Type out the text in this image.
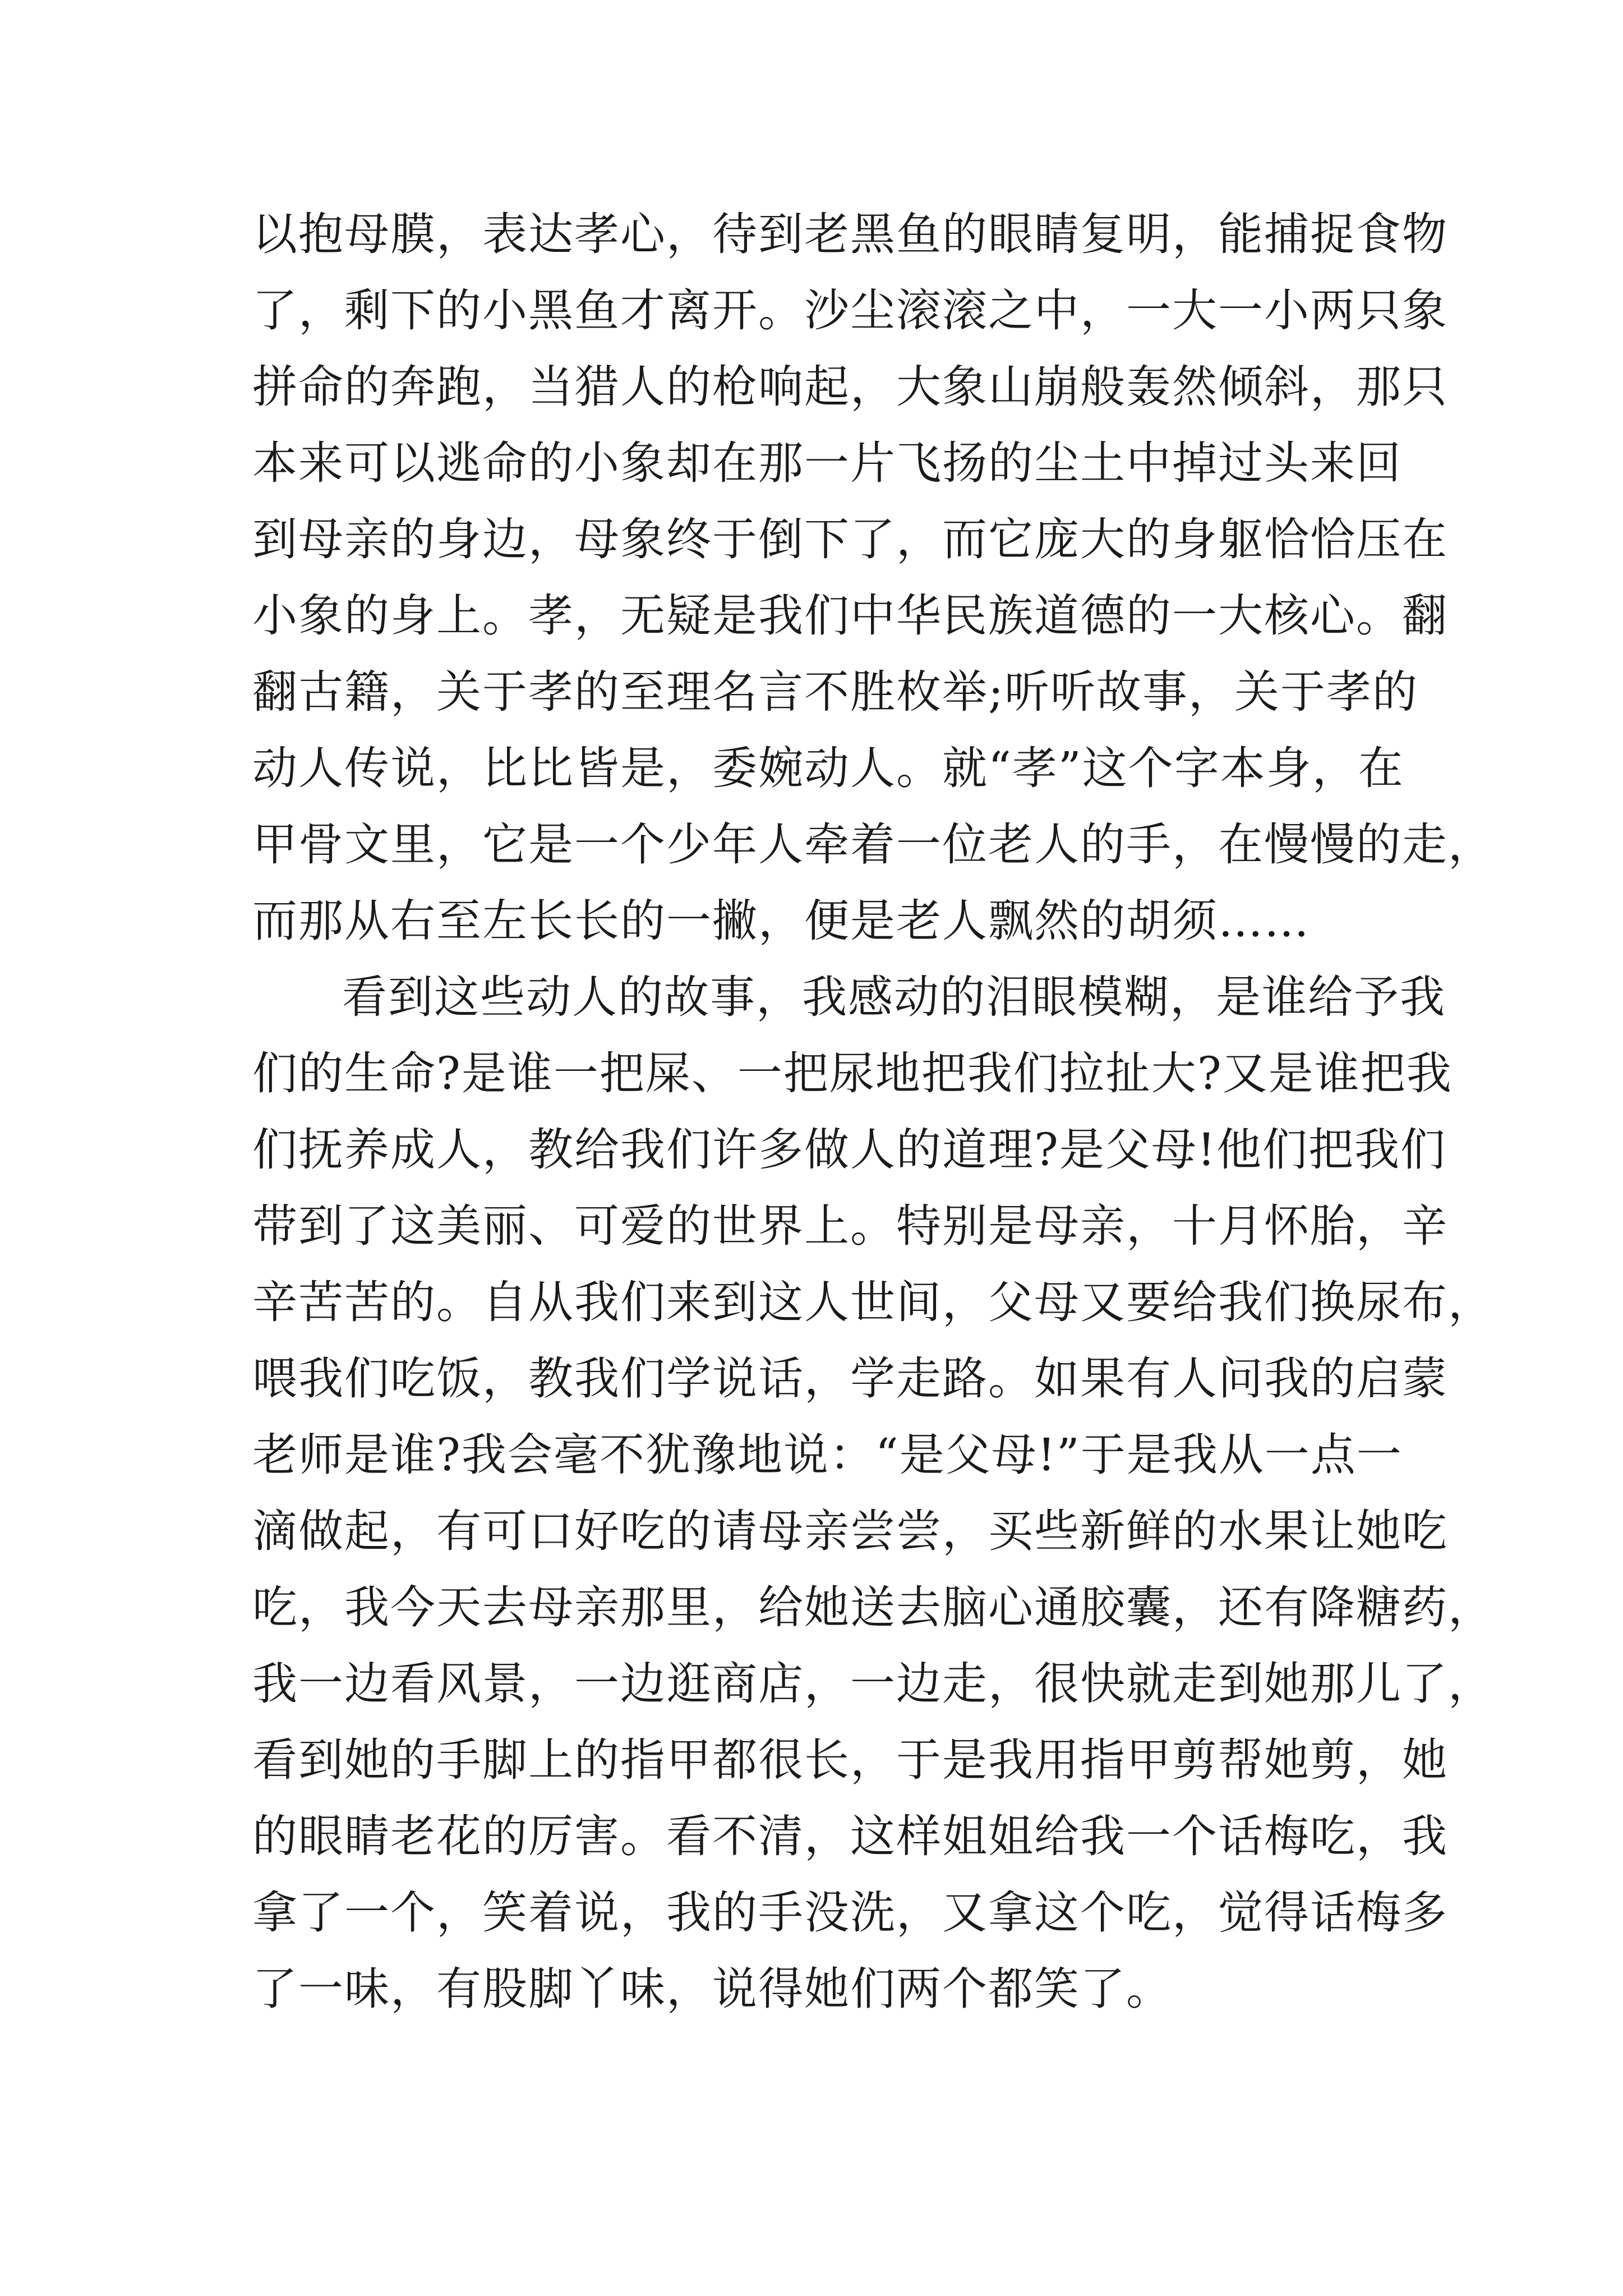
以抱母膜，表达孝心，待到老黑鱼的眼睛复明，能捕捉食物
了，剩下的小黑鱼才离开。沙尘滚滚之中，一大一小两只象
拼命的奔跑，当猎人的枪响起，大象山崩般轰然倾斜，那只
本来可以逃命的小象却在那一片飞扬的尘土中掉过头来回
到母亲的身边，母象终于倒下了，而它庞大的身躯恰恰压在
小象的身上。孝，无疑是我们中华民族道德的一大核心。翻
翻古籍，关于孝的至理名言不胜枚举;听听故事，关于孝的
动人传说，比比皆是，委婉动人。就“孝”这个字本身，在
甲骨文里，它是一个少年人牵着一位老人的手，在慢慢的走，
而那从右至左长长的一撇，便是老人飘然的胡须……
看到这些动人的故事，我感动的泪眼模糊，是谁给予我
们的生命?是谁一把屎、一把尿地把我们拉扯大?又是谁把我
们抚养成人，教给我们许多做人的道理?是父母!他们把我们
带到了这美丽、可爱的世界上。特别是母亲，十月怀胎，辛
辛苦苦的。自从我们来到这人世间，父母又要给我们换尿布，
喂我们吃饭，教我们学说话，学走路。如果有人问我的启蒙
老师是谁?我会毫不犹豫地说：“是父母!”于是我从一点一
滴做起，有可口好吃的请母亲尝尝，买些新鲜的水果让她吃
吃，我今天去母亲那里，给她送去脑心通胶囊，还有降糖药，
我一边看风景，一边逛商店，一边走，很快就走到她那儿了，
看到她的手脚上的指甲都很长，于是我用指甲剪帮她剪，她
的眼睛老花的厉害。看不清，这样姐姐给我一个话梅吃，我
拿了一个，笑着说，我的手没洗，又拿这个吃，觉得话梅多
了一味，有股脚丫味，说得她们两个都笑了。
